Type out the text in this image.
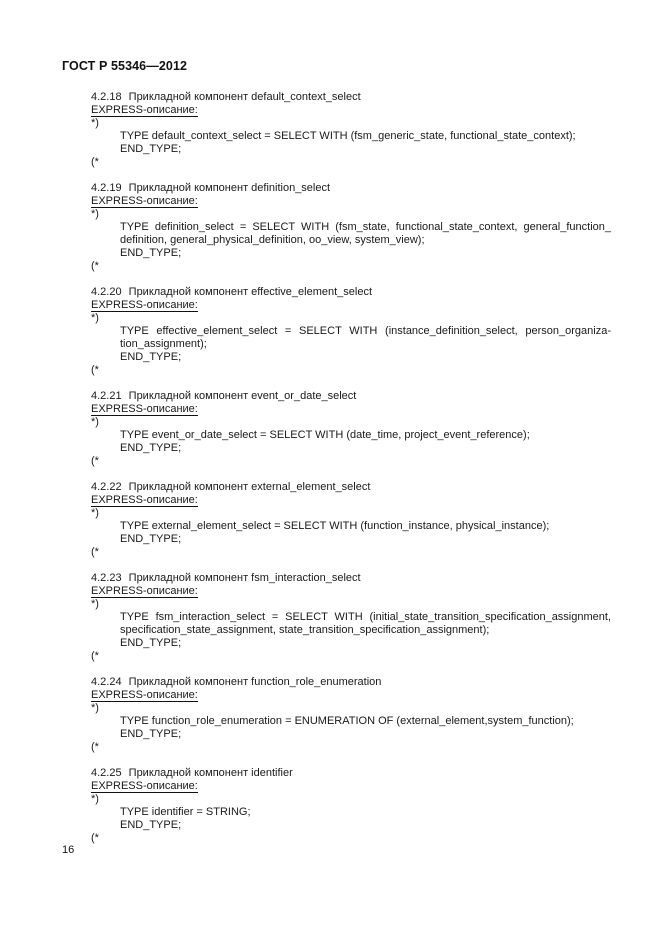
ГОСТ Р 55346—2012
4.2.18 Прикладной компонент default_context_select
EXPRESS-описание:
*)
TYPE default_context_select = SELECT WITH (fsm_generic_state, functional_state_context);
END_TYPE;
(*
4.2.19 Прикладной компонент definition_select
EXPRESS-описание:
*)
TYPE definition_select = SELECT WITH (fsm_state, functional_state_context, general_function_ definition, general_physical_definition, oo_view, system_view);
END_TYPE;
(*
4.2.20 Прикладной компонент effective_element_select
EXPRESS-описание:
*)
TYPE effective_element_select = SELECT WITH (instance_definition_select, person_organiza-tion_assignment);
END_TYPE;
(*
4.2.21 Прикладной компонент event_or_date_select
EXPRESS-описание:
*)
TYPE event_or_date_select = SELECT WITH (date_time, project_event_reference);
END_TYPE;
(*
4.2.22 Прикладной компонент external_element_select
EXPRESS-описание:
*)
TYPE external_element_select = SELECT WITH (function_instance, physical_instance);
END_TYPE;
(*
4.2.23 Прикладной компонент fsm_interaction_select
EXPRESS-описание:
*)
TYPE fsm_interaction_select = SELECT WITH (initial_state_transition_specification_assignment, specification_state_assignment, state_transition_specification_assignment);
END_TYPE;
(*
4.2.24 Прикладной компонент function_role_enumeration
EXPRESS-описание:
*)
TYPE function_role_enumeration = ENUMERATION OF (external_element,system_function);
END_TYPE;
(*
4.2.25 Прикладной компонент identifier
EXPRESS-описание:
*)
TYPE identifier = STRING;
END_TYPE;
(*
16
